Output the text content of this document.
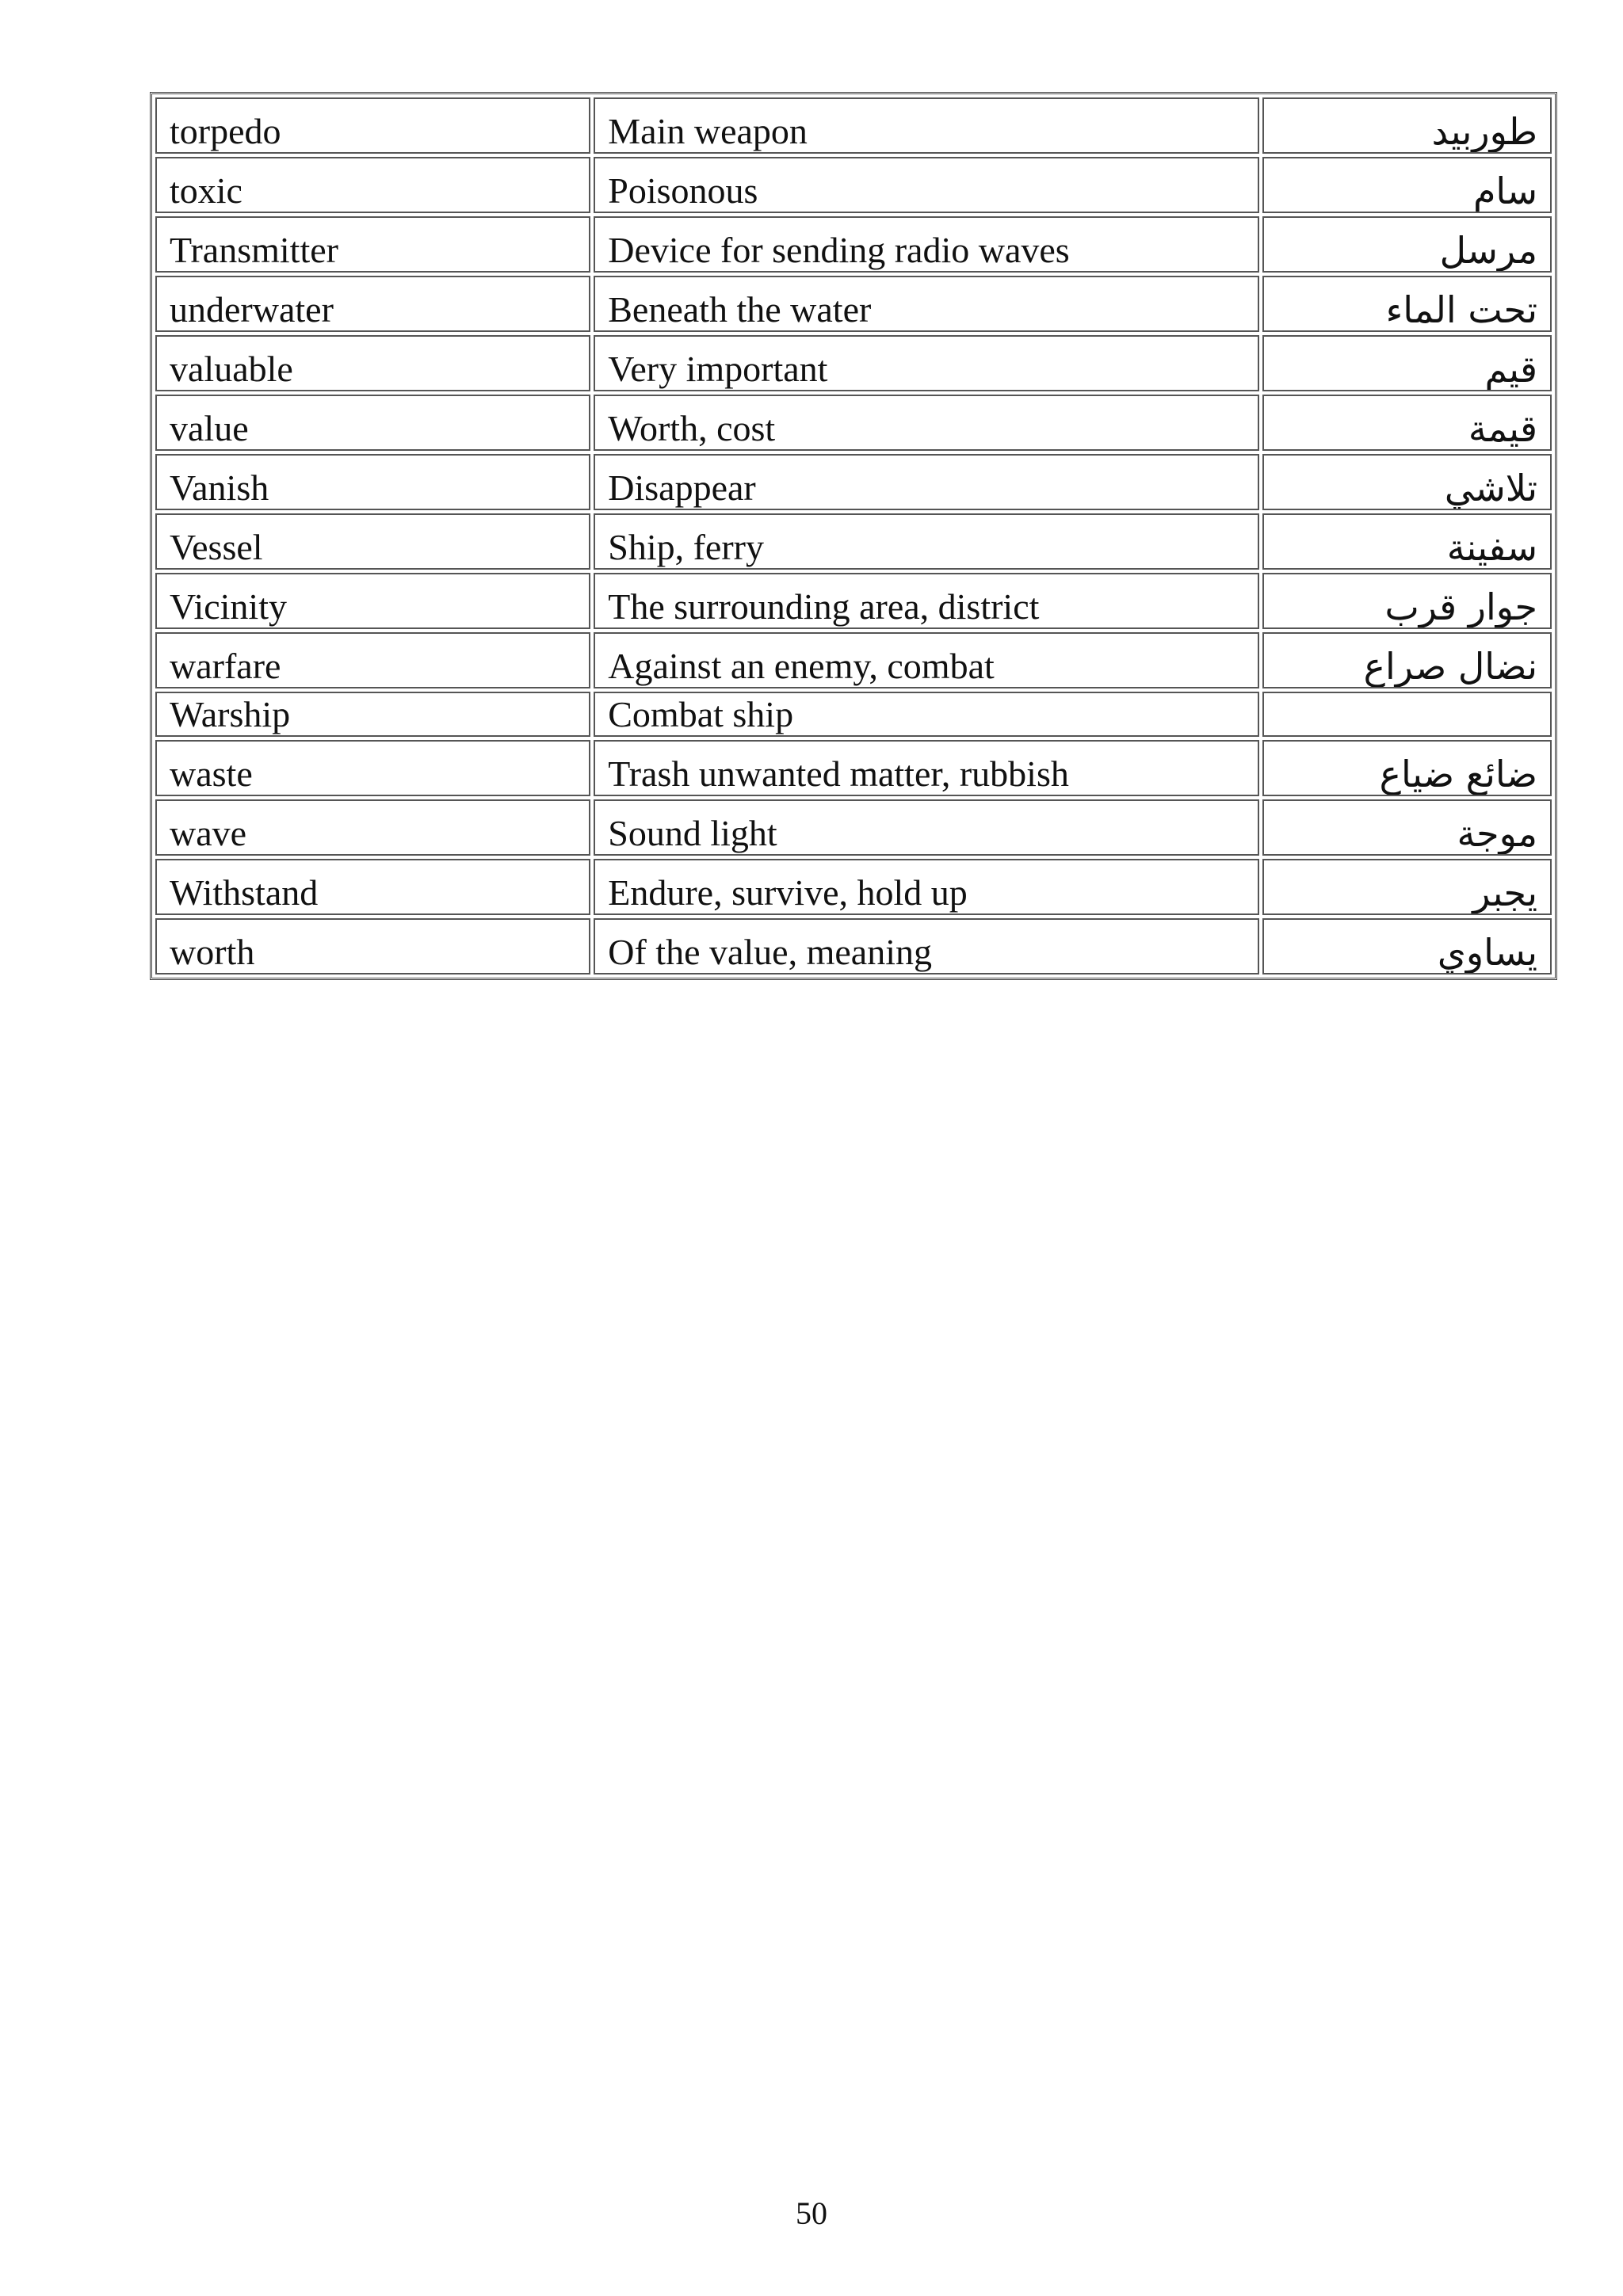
torpedo	Main weapon	طوربيد
toxic	Poisonous	سام
Transmitter	Device for sending radio waves	مرسل
underwater	Beneath the water	تحت الماء
valuable	Very important	قيم
value	Worth, cost	قيمة
Vanish	Disappear	تلاشي
Vessel	Ship, ferry	سفينة
Vicinity	The surrounding area, district	جوار قرب
warfare	Against an enemy, combat	نضال صراع
Warship	Combat ship	
waste	Trash unwanted matter, rubbish	ضائع ضياع
wave	Sound light	موجة
Withstand	Endure, survive, hold up	يجبر
worth	Of the value, meaning	يساوي
50
